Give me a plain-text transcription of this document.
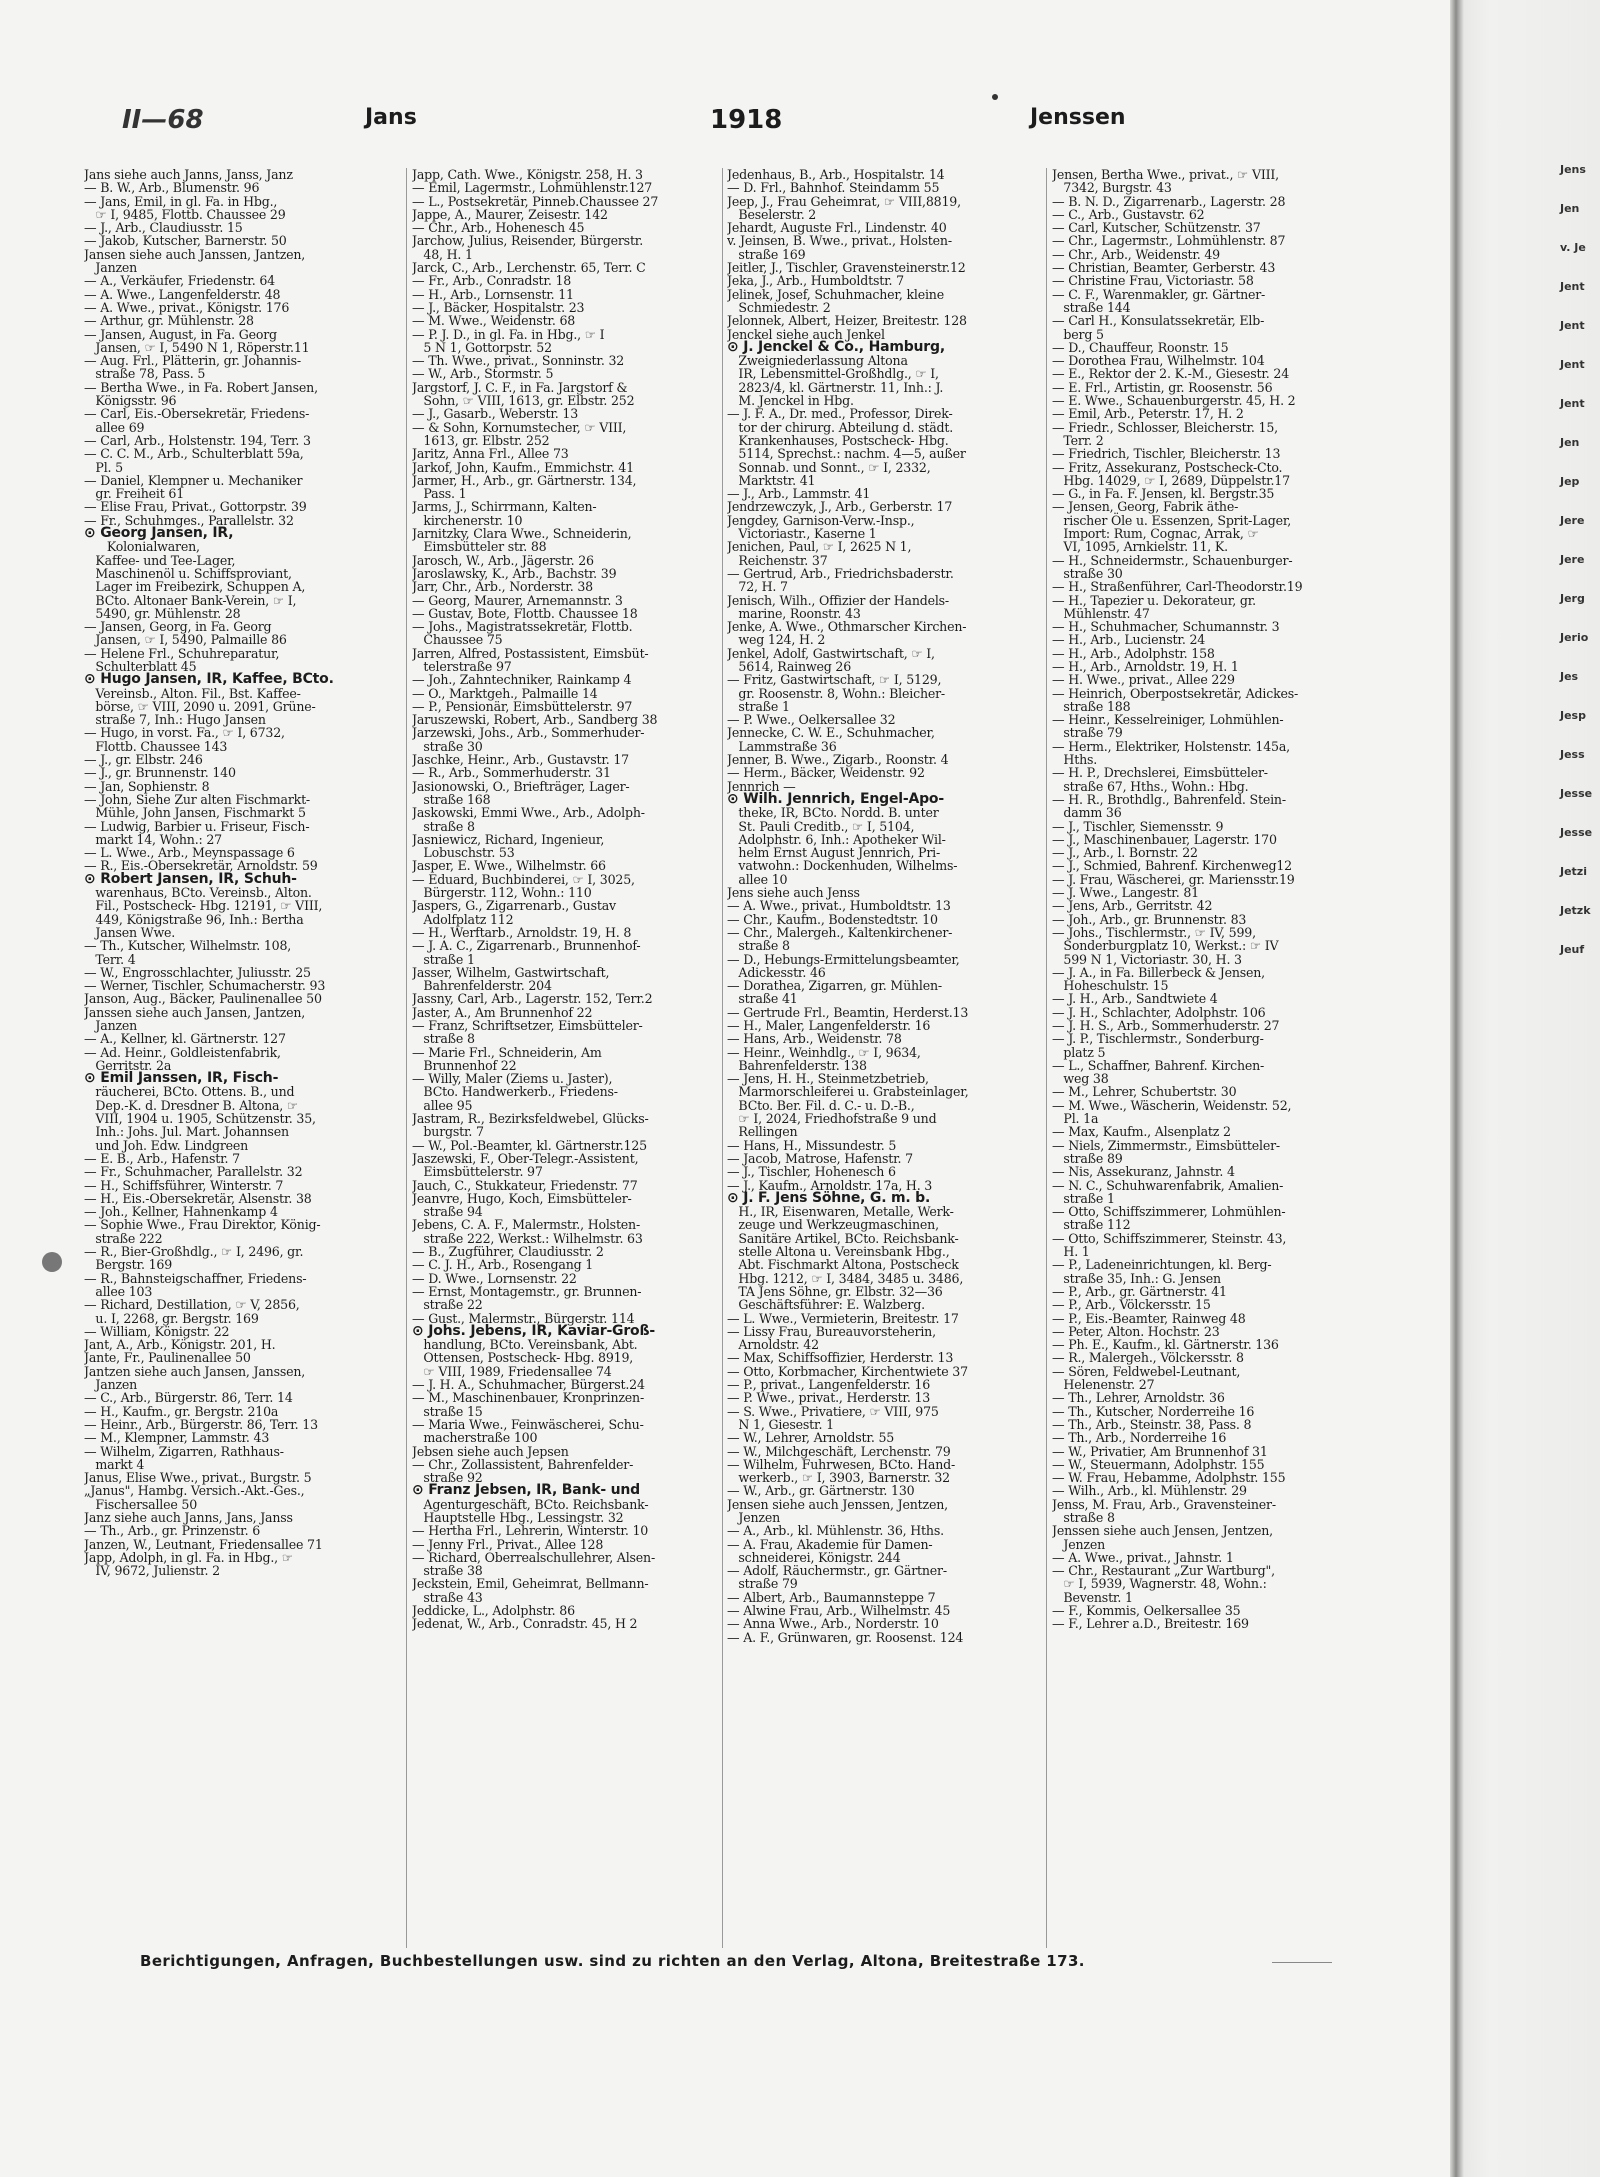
Jens
Jen
v. Je
Jent
Jent
Jent
Jent
Jen
Jep
Jere
Jere
Jerg
Jerio
Jes
Jesp
Jess
Jesse
Jesse
Jetzi
Jetzk
Jeuf
II—68	Jans	1918	Jenssen
Jans siehe auch Janns, Janss, Janz
— B. W., Arb., Blumenstr. 96
— Jans, Emil, in gl. Fa. in Hbg.,
☞ I, 9485, Flottb. Chaussee 29
— J., Arb., Claudiusstr. 15
— Jakob, Kutscher, Barnerstr. 50
Jansen siehe auch Janssen, Jantzen,
Janzen
— A., Verkäufer, Friedenstr. 64
— A. Wwe., Langenfelderstr. 48
— A. Wwe., privat., Königstr. 176
— Arthur, gr. Mühlenstr. 28
— Jansen, August, in Fa. Georg
Jansen, ☞ I, 5490 N 1, Röperstr.11
— Aug. Frl., Plätterin, gr. Johannis-
straße 78, Pass. 5
— Bertha Wwe., in Fa. Robert Jansen,
Königsstr. 96
— Carl, Eis.-Obersekretär, Friedens-
allee 69
— Carl, Arb., Holstenstr. 194, Terr. 3
— C. C. M., Arb., Schulterblatt 59a,
Pl. 5
— Daniel, Klempner u. Mechaniker
gr. Freiheit 61
— Elise Frau, Privat., Gottorpstr. 39
— Fr., Schuhmges., Parallelstr. 32
⊙ Georg Jansen, IR,
Kolonialwaren,
Kaffee- und Tee-Lager,
Maschinenöl u. Schiffsproviant,
Lager im Freibezirk, Schuppen A,
BCto. Altonaer Bank-Verein, ☞ I,
5490, gr. Mühlenstr. 28
— Jansen, Georg, in Fa. Georg
Jansen, ☞ I, 5490, Palmaille 86
— Helene Frl., Schuhreparatur,
Schulterblatt 45
⊙ Hugo Jansen, IR, Kaffee, BCto.
Vereinsb., Alton. Fil., Bst. Kaffee-
börse, ☞ VIII, 2090 u. 2091, Grüne-
straße 7, Inh.: Hugo Jansen
— Hugo, in vorst. Fa., ☞ I, 6732,
Flottb. Chaussee 143
— J., gr. Elbstr. 246
— J., gr. Brunnenstr. 140
— Jan, Sophienstr. 8
— John, Siehe Zur alten Fischmarkt-
Mühle, John Jansen, Fischmarkt 5
— Ludwig, Barbier u. Friseur, Fisch-
markt 14, Wohn.: 27
— L. Wwe., Arb., Meynspassage 6
— R., Eis.-Obersekretär, Arnoldstr. 59
⊙ Robert Jansen, IR, Schuh-
warenhaus, BCto. Vereinsb., Alton.
Fil., Postscheck- Hbg. 12191, ☞ VIII,
449, Königstraße 96, Inh.: Bertha
Jansen Wwe.
— Th., Kutscher, Wilhelmstr. 108,
Terr. 4
— W., Engrosschlachter, Juliusstr. 25
— Werner, Tischler, Schumacherstr. 93
Janson, Aug., Bäcker, Paulinenallee 50
Janssen siehe auch Jansen, Jantzen,
Janzen
— A., Kellner, kl. Gärtnerstr. 127
— Ad. Heinr., Goldleistenfabrik,
Gerritstr. 2a
⊙ Emil Janssen, IR, Fisch-
räucherei, BCto. Ottens. B., und
Dep.-K. d. Dresdner B. Altona, ☞
VIII, 1904 u. 1905, Schützenstr. 35,
Inh.: Johs. Jul. Mart. Johannsen
und Joh. Edw. Lindgreen
— E. B., Arb., Hafenstr. 7
— Fr., Schuhmacher, Parallelstr. 32
— H., Schiffsführer, Winterstr. 7
— H., Eis.-Obersekretär, Alsenstr. 38
— Joh., Kellner, Hahnenkamp 4
— Sophie Wwe., Frau Direktor, König-
straße 222
— R., Bier-Großhdlg., ☞ I, 2496, gr.
Bergstr. 169
— R., Bahnsteigschaffner, Friedens-
allee 103
— Richard, Destillation, ☞ V, 2856,
u. I, 2268, gr. Bergstr. 169
— William, Königstr. 22
Jant, A., Arb., Königstr. 201, H.
Jante, Fr., Paulinenallee 50
Jantzen siehe auch Jansen, Janssen,
Janzen
— C., Arb., Bürgerstr. 86, Terr. 14
— H., Kaufm., gr. Bergstr. 210a
— Heinr., Arb., Bürgerstr. 86, Terr. 13
— M., Klempner, Lammstr. 43
— Wilhelm, Zigarren, Rathhaus-
markt 4
Janus, Elise Wwe., privat., Burgstr. 5
„Janus", Hambg. Versich.-Akt.-Ges.,
Fischersallee 50
Janz siehe auch Janns, Jans, Janss
— Th., Arb., gr. Prinzenstr. 6
Janzen, W., Leutnant, Friedensallee 71
Japp, Adolph, in gl. Fa. in Hbg., ☞
IV, 9672, Julienstr. 2
Japp, Cath. Wwe., Königstr. 258, H. 3
— Emil, Lagermstr., Lohmühlenstr.127
— L., Postsekretär, Pinneb.Chaussee 27
Jappe, A., Maurer, Zeisestr. 142
— Chr., Arb., Hohenesch 45
Jarchow, Julius, Reisender, Bürgerstr.
48, H. 1
Jarck, C., Arb., Lerchenstr. 65, Terr. C
— Fr., Arb., Conradstr. 18
— H., Arb., Lornsenstr. 11
— J., Bäcker, Hospitalstr. 23
— M. Wwe., Weidenstr. 68
— P. J. D., in gl. Fa. in Hbg., ☞ I
5 N 1, Gottorpstr. 52
— Th. Wwe., privat., Sonninstr. 32
— W., Arb., Stormstr. 5
Jargstorf, J. C. F., in Fa. Jargstorf &
Sohn, ☞ VIII, 1613, gr. Elbstr. 252
— J., Gasarb., Weberstr. 13
— & Sohn, Kornumstecher, ☞ VIII,
1613, gr. Elbstr. 252
Jaritz, Anna Frl., Allee 73
Jarkof, John, Kaufm., Emmichstr. 41
Jarmer, H., Arb., gr. Gärtnerstr. 134,
Pass. 1
Jarms, J., Schirrmann, Kalten-
kirchenerstr. 10
Jarnitzky, Clara Wwe., Schneiderin,
Eimsbütteler str. 88
Jarosch, W., Arb., Jägerstr. 26
Jaroslawsky, K., Arb., Bachstr. 39
Jarr, Chr., Arb., Norderstr. 38
— Georg, Maurer, Arnemannstr. 3
— Gustav, Bote, Flottb. Chaussee 18
— Johs., Magistratssekretär, Flottb.
Chaussee 75
Jarren, Alfred, Postassistent, Eimsbüt-
telerstraße 97
— Joh., Zahntechniker, Rainkamp 4
— O., Marktgeh., Palmaille 14
— P., Pensionär, Eimsbüttelerstr. 97
Jaruszewski, Robert, Arb., Sandberg 38
Jarzewski, Johs., Arb., Sommerhuder-
straße 30
Jaschke, Heinr., Arb., Gustavstr. 17
— R., Arb., Sommerhuderstr. 31
Jasionowski, O., Briefträger, Lager-
straße 168
Jaskowski, Emmi Wwe., Arb., Adolph-
straße 8
Jasniewicz, Richard, Ingenieur,
Lobuschstr. 53
Jasper, E. Wwe., Wilhelmstr. 66
— Eduard, Buchbinderei, ☞ I, 3025,
Bürgerstr. 112, Wohn.: 110
Jaspers, G., Zigarrenarb., Gustav
Adolfplatz 112
— H., Werftarb., Arnoldstr. 19, H. 8
— J. A. C., Zigarrenarb., Brunnenhof-
straße 1
Jasser, Wilhelm, Gastwirtschaft,
Bahrenfelderstr. 204
Jassny, Carl, Arb., Lagerstr. 152, Terr.2
Jaster, A., Am Brunnenhof 22
— Franz, Schriftsetzer, Eimsbütteler-
straße 8
— Marie Frl., Schneiderin, Am
Brunnenhof 22
— Willy, Maler (Ziems u. Jaster),
BCto. Handwerkerb., Friedens-
allee 95
Jastram, R., Bezirksfeldwebel, Glücks-
burgstr. 7
— W., Pol.-Beamter, kl. Gärtnerstr.125
Jaszewski, F., Ober-Telegr.-Assistent,
Eimsbüttelerstr. 97
Jauch, C., Stukkateur, Friedenstr. 77
Jeanvre, Hugo, Koch, Eimsbütteler-
straße 94
Jebens, C. A. F., Malermstr., Holsten-
straße 222, Werkst.: Wilhelmstr. 63
— B., Zugführer, Claudiusstr. 2
— C. J. H., Arb., Rosengang 1
— D. Wwe., Lornsenstr. 22
— Ernst, Montagemstr., gr. Brunnen-
straße 22
— Gust., Malermstr., Bürgerstr. 114
⊙ Johs. Jebens, IR, Kaviar-Groß-
handlung, BCto. Vereinsbank, Abt.
Ottensen, Postscheck- Hbg. 8919,
☞ VIII, 1989, Friedensallee 74
— J. H. A., Schuhmacher, Bürgerst.24
— M., Maschinenbauer, Kronprinzen-
straße 15
— Maria Wwe., Feinwäscherei, Schu-
macherstraße 100
Jebsen siehe auch Jepsen
— Chr., Zollassistent, Bahrenfelder-
straße 92
⊙ Franz Jebsen, IR, Bank- und
Agenturgeschäft, BCto. Reichsbank-
Hauptstelle Hbg., Lessingstr. 32
— Hertha Frl., Lehrerin, Winterstr. 10
— Jenny Frl., Privat., Allee 128
— Richard, Oberrealschullehrer, Alsen-
straße 38
Jeckstein, Emil, Geheimrat, Bellmann-
straße 43
Jeddicke, L., Adolphstr. 86
Jedenat, W., Arb., Conradstr. 45, H 2
Jedenhaus, B., Arb., Hospitalstr. 14
— D. Frl., Bahnhof. Steindamm 55
Jeep, J., Frau Geheimrat, ☞ VIII,8819,
Beselerstr. 2
Jehardt, Auguste Frl., Lindenstr. 40
v. Jeinsen, B. Wwe., privat., Holsten-
straße 169
Jeitler, J., Tischler, Gravensteinerstr.12
Jeka, J., Arb., Humboldtstr. 7
Jelinek, Josef, Schuhmacher, kleine
Schmiedestr. 2
Jelonnek, Albert, Heizer, Breitestr. 128
Jenckel siehe auch Jenkel
⊙ J. Jenckel & Co., Hamburg,
Zweigniederlassung Altona
IR, Lebensmittel-Großhdlg., ☞ I,
2823/4, kl. Gärtnerstr. 11, Inh.: J.
M. Jenckel in Hbg.
— J. F. A., Dr. med., Professor, Direk-
tor der chirurg. Abteilung d. städt.
Krankenhauses, Postscheck- Hbg.
5114, Sprechst.: nachm. 4—5, außer
Sonnab. und Sonnt., ☞ I, 2332,
Marktstr. 41
— J., Arb., Lammstr. 41
Jendrzewczyk, J., Arb., Gerberstr. 17
Jengdey, Garnison-Verw.-Insp.,
Victoriastr., Kaserne 1
Jenichen, Paul, ☞ I, 2625 N 1,
Reichenstr. 37
— Gertrud, Arb., Friedrichsbaderstr.
72, H. 7
Jenisch, Wilh., Offizier der Handels-
marine, Roonstr. 43
Jenke, A. Wwe., Othmarscher Kirchen-
weg 124, H. 2
Jenkel, Adolf, Gastwirtschaft, ☞ I,
5614, Rainweg 26
— Fritz, Gastwirtschaft, ☞ I, 5129,
gr. Roosenstr. 8, Wohn.: Bleicher-
straße 1
— P. Wwe., Oelkersallee 32
Jennecke, C. W. E., Schuhmacher,
Lammstraße 36
Jenner, B. Wwe., Zigarb., Roonstr. 4
— Herm., Bäcker, Weidenstr. 92
Jennrich —
⊙ Wilh. Jennrich, Engel-Apo-
theke, IR, BCto. Nordd. B. unter
St. Pauli Creditb., ☞ I, 5104,
Adolphstr. 6, Inh.: Apotheker Wil-
helm Ernst August Jennrich, Pri-
vatwohn.: Dockenhuden, Wilhelms-
allee 10
Jens siehe auch Jenss
— A. Wwe., privat., Humboldtstr. 13
— Chr., Kaufm., Bodenstedtstr. 10
— Chr., Malergeh., Kaltenkirchener-
straße 8
— D., Hebungs-Ermittelungsbeamter,
Adickesstr. 46
— Dorathea, Zigarren, gr. Mühlen-
straße 41
— Gertrude Frl., Beamtin, Herderst.13
— H., Maler, Langenfelderstr. 16
— Hans, Arb., Weidenstr. 78
— Heinr., Weinhdlg., ☞ I, 9634,
Bahrenfelderstr. 138
— Jens, H. H., Steinmetzbetrieb,
Marmorschleiferei u. Grabsteinlager,
BCto. Ber. Fil. d. C.- u. D.-B.,
☞ I, 2024, Friedhofstraße 9 und
Rellingen
— Hans, H., Missundestr. 5
— Jacob, Matrose, Hafenstr. 7
— J., Tischler, Hohenesch 6
— J., Kaufm., Arnoldstr. 17a, H. 3
⊙ J. F. Jens Söhne, G. m. b.
H., IR, Eisenwaren, Metalle, Werk-
zeuge und Werkzeugmaschinen,
Sanitäre Artikel, BCto. Reichsbank-
stelle Altona u. Vereinsbank Hbg.,
Abt. Fischmarkt Altona, Postscheck
Hbg. 1212, ☞ I, 3484, 3485 u. 3486,
TA Jens Söhne, gr. Elbstr. 32—36
Geschäftsführer: E. Walzberg.
— L. Wwe., Vermieterin, Breitestr. 17
— Lissy Frau, Bureauvorsteherin,
Arnoldstr. 42
— Max, Schiffsoffizier, Herderstr. 13
— Otto, Korbmacher, Kirchentwiete 37
— P., privat., Langenfelderstr. 16
— P. Wwe., privat., Herderstr. 13
— S. Wwe., Privatiere, ☞ VIII, 975
N 1, Giesestr. 1
— W., Lehrer, Arnoldstr. 55
— W., Milchgeschäft, Lerchenstr. 79
— Wilhelm, Fuhrwesen, BCto. Hand-
werkerb., ☞ I, 3903, Barnerstr. 32
— W., Arb., gr. Gärtnerstr. 130
Jensen siehe auch Jenssen, Jentzen,
Jenzen
— A., Arb., kl. Mühlenstr. 36, Hths.
— A. Frau, Akademie für Damen-
schneiderei, Königstr. 244
— Adolf, Räuchermstr., gr. Gärtner-
straße 79
— Albert, Arb., Baumannsteppe 7
— Alwine Frau, Arb., Wilhelmstr. 45
— Anna Wwe., Arb., Norderstr. 10
— A. F., Grünwaren, gr. Roosenst. 124
Jensen, Bertha Wwe., privat., ☞ VIII,
7342, Burgstr. 43
— B. N. D., Zigarrenarb., Lagerstr. 28
— C., Arb., Gustavstr. 62
— Carl, Kutscher, Schützenstr. 37
— Chr., Lagermstr., Lohmühlenstr. 87
— Chr., Arb., Weidenstr. 49
— Christian, Beamter, Gerberstr. 43
— Christine Frau, Victoriastr. 58
— C. F., Warenmakler, gr. Gärtner-
straße 144
— Carl H., Konsulatssekretär, Elb-
berg 5
— D., Chauffeur, Roonstr. 15
— Dorothea Frau, Wilhelmstr. 104
— E., Rektor der 2. K.-M., Giesestr. 24
— E. Frl., Artistin, gr. Roosenstr. 56
— E. Wwe., Schauenburgerstr. 45, H. 2
— Emil, Arb., Peterstr. 17, H. 2
— Friedr., Schlosser, Bleicherstr. 15,
Terr. 2
— Friedrich, Tischler, Bleicherstr. 13
— Fritz, Assekuranz, Postscheck-Cto.
Hbg. 14029, ☞ I, 2689, Düppelstr.17
— G., in Fa. F. Jensen, kl. Bergstr.35
— Jensen, Georg, Fabrik äthe-
rischer Öle u. Essenzen, Sprit-Lager,
Import: Rum, Cognac, Arrak, ☞
VI, 1095, Arnkielstr. 11, K.
— H., Schneidermstr., Schauenburger-
straße 30
— H., Straßenführer, Carl-Theodorstr.19
— H., Tapezier u. Dekorateur, gr.
Mühlenstr. 47
— H., Schuhmacher, Schumannstr. 3
— H., Arb., Lucienstr. 24
— H., Arb., Adolphstr. 158
— H., Arb., Arnoldstr. 19, H. 1
— H. Wwe., privat., Allee 229
— Heinrich, Oberpostsekretär, Adickes-
straße 188
— Heinr., Kesselreiniger, Lohmühlen-
straße 79
— Herm., Elektriker, Holstenstr. 145a,
Hths.
— H. P., Drechslerei, Eimsbütteler-
straße 67, Hths., Wohn.: Hbg.
— H. R., Brothdlg., Bahrenfeld. Stein-
damm 36
— J., Tischler, Siemensstr. 9
— J., Maschinenbauer, Lagerstr. 170
— J., Arb., l. Bornstr. 22
— J., Schmied, Bahrenf. Kirchenweg12
— J. Frau, Wäscherei, gr. Mariensstr.19
— J. Wwe., Langestr. 81
— Jens, Arb., Gerritstr. 42
— Joh., Arb., gr. Brunnenstr. 83
— Johs., Tischlermstr., ☞ IV, 599,
Sonderburgplatz 10, Werkst.: ☞ IV
599 N 1, Victoriastr. 30, H. 3
— J. A., in Fa. Billerbeck & Jensen,
Hoheschulstr. 15
— J. H., Arb., Sandtwiete 4
— J. H., Schlachter, Adolphstr. 106
— J. H. S., Arb., Sommerhuderstr. 27
— J. P., Tischlermstr., Sonderburg-
platz 5
— L., Schaffner, Bahrenf. Kirchen-
weg 38
— M., Lehrer, Schubertstr. 30
— M. Wwe., Wäscherin, Weidenstr. 52,
Pl. 1a
— Max, Kaufm., Alsenplatz 2
— Niels, Zimmermstr., Eimsbütteler-
straße 89
— Nis, Assekuranz, Jahnstr. 4
— N. C., Schuhwarenfabrik, Amalien-
straße 1
— Otto, Schiffszimmerer, Lohmühlen-
straße 112
— Otto, Schiffszimmerer, Steinstr. 43,
H. 1
— P., Ladeneinrichtungen, kl. Berg-
straße 35, Inh.: G. Jensen
— P., Arb., gr. Gärtnerstr. 41
— P., Arb., Völckersstr. 15
— P., Eis.-Beamter, Rainweg 48
— Peter, Alton. Hochstr. 23
— Ph. E., Kaufm., kl. Gärtnerstr. 136
— R., Malergeh., Völckersstr. 8
— Sören, Feldwebel-Leutnant,
Helenenstr. 27
— Th., Lehrer, Arnoldstr. 36
— Th., Kutscher, Norderreihe 16
— Th., Arb., Steinstr. 38, Pass. 8
— Th., Arb., Norderreihe 16
— W., Privatier, Am Brunnenhof 31
— W., Steuermann, Adolphstr. 155
— W. Frau, Hebamme, Adolphstr. 155
— Wilh., Arb., kl. Mühlenstr. 29
Jenss, M. Frau, Arb., Gravensteiner-
straße 8
Jenssen siehe auch Jensen, Jentzen,
Jenzen
— A. Wwe., privat., Jahnstr. 1
— Chr., Restaurant „Zur Wartburg",
☞ I, 5939, Wagnerstr. 48, Wohn.:
Bevenstr. 1
— F., Kommis, Oelkersallee 35
— F., Lehrer a.D., Breitestr. 169
Berichtigungen, Anfragen, Buchbestellungen usw. sind zu richten an den Verlag, Altona, Breitestraße 173.
